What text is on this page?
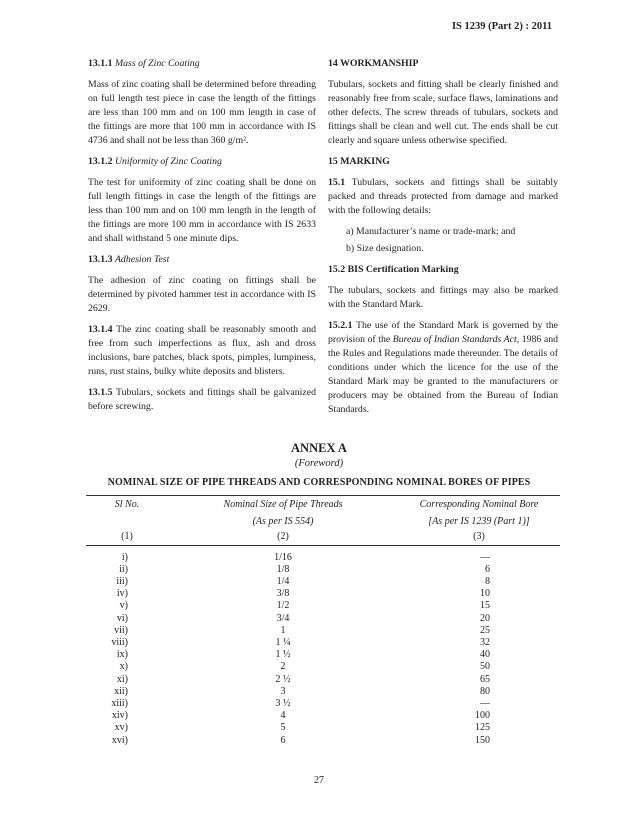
IS 1239 (Part 2) : 2011
13.1.1 Mass of Zinc Coating
Mass of zinc coating shall be determined before threading on full length test piece in case the length of the fittings are less than 100 mm and on 100 mm length in case of the fittings are more that 100 mm in accordance with IS 4736 and shall not be less than 360 g/m².
13.1.2 Uniformity of Zinc Coating
The test for uniformity of zinc coating shall be done on full length fittings in case the length of the fittings are less than 100 mm and on 100 mm length in the length of the fittings are more 100 mm in accordance with IS 2633 and shall withstand 5 one minute dips.
13.1.3 Adhesion Test
The adhesion of zinc coating on fittings shall be determined by pivoted hammer test in accordance with IS 2629.
13.1.4 The zinc coating shall be reasonably smooth and free from such imperfections as flux, ash and dross inclusions, bare patches, black spots, pimples, lumpiness, runs, rust stains, bulky white deposits and blisters.
13.1.5 Tubulars, sockets and fittings shall be galvanized before screwing.
14 WORKMANSHIP
Tubulars, sockets and fitting shall be clearly finished and reasonably free from scale, surface flaws, laminations and other defects. The screw threads of tubulars, sockets and fittings shall be clean and well cut. The ends shall be cut clearly and square unless otherwise specified.
15 MARKING
15.1 Tubulars, sockets and fittings shall be suitably packed and threads protected from damage and marked with the following details:
a) Manufacturer’s name or trade-mark; and
b) Size designation.
15.2 BIS Certification Marking
The tubulars, sockets and fittings may also be marked with the Standard Mark.
15.2.1 The use of the Standard Mark is governed by the provision of the Bureau of Indian Standards Act, 1986 and the Rules and Regulations made thereunder. The details of conditions under which the licence for the use of the Standard Mark may be granted to the manufacturers or producers may be obtained from the Bureau of Indian Standards.
ANNEX A
(Foreword)
NOMINAL SIZE OF PIPE THREADS AND CORRESPONDING NOMINAL BORES OF PIPES
Sl No.	Nominal Size of Pipe Threads	Corresponding Nominal Bore
	(As per IS 554)	[As per IS 1239 (Part 1)]
(1)	(2)	(3)

i)	1/16	—
ii)	1/8	6
iii)	1/4	8
iv)	3/8	10
v)	1/2	15
vi)	3/4	20
vii)	1	25
viii)	1 ¼	32
ix)	1 ½	40
x)	2	50
xi)	2 ½	65
xii)	3	80
xiii)	3 ½	—
xiv)	4	100
xv)	5	125
xvi)	6	150
27
